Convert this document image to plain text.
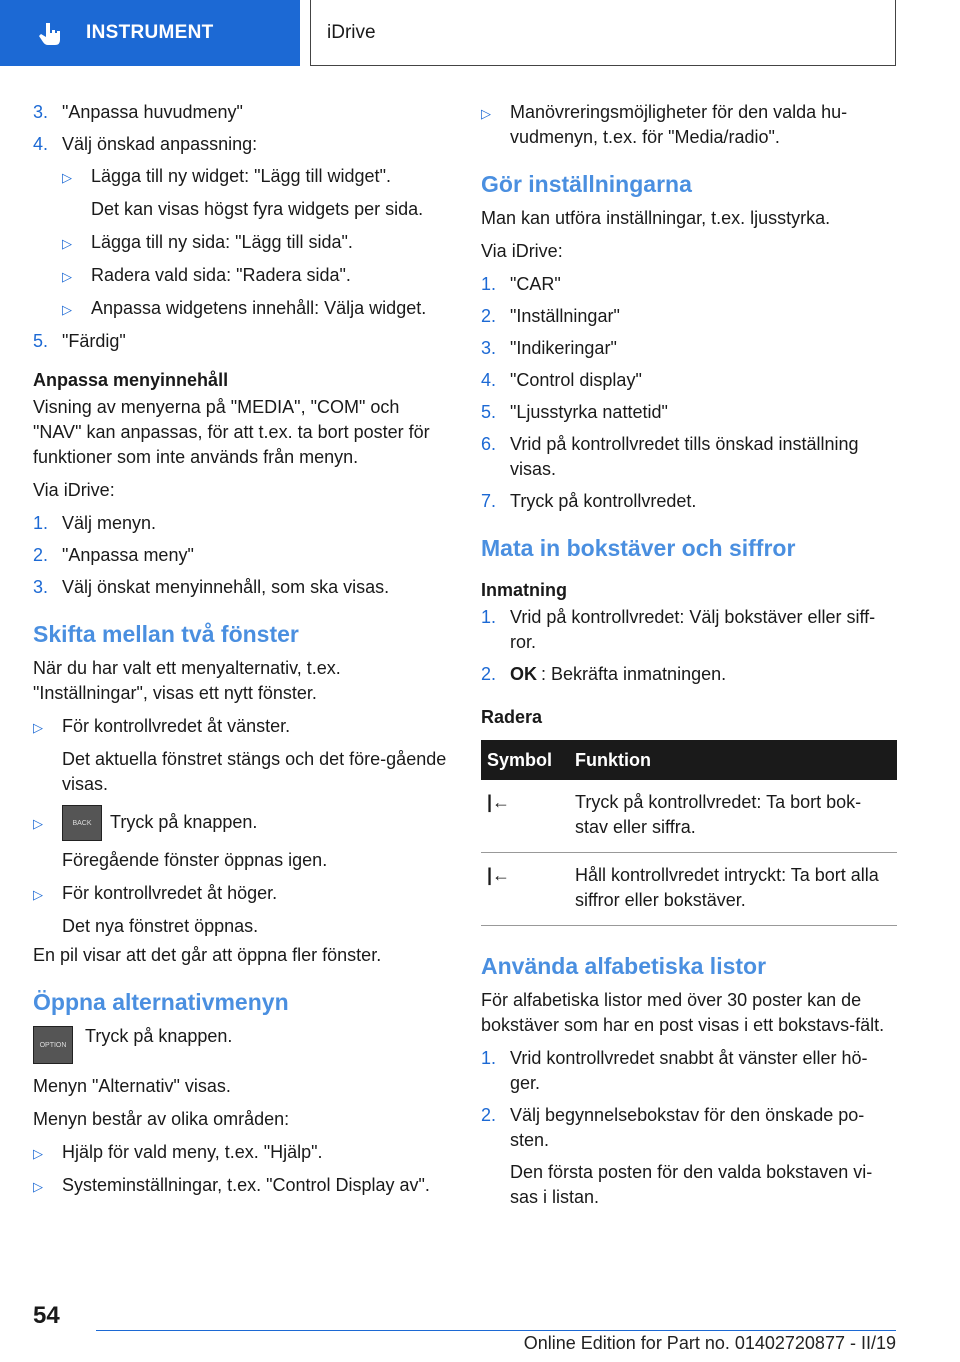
INSTRUMENT	iDrive
3. "Anpassa huvudmeny"
4. Välj önskad anpassning:
▷	Lägga till ny widget: "Lägg till widget".

Det kan visas högst fyra widgets per sida.

▷	Lägga till ny sida: "Lägg till sida".
▷	Radera vald sida: "Radera sida".
▷	Anpassa widgetens innehåll: Välja widget.
5. "Färdig"
Anpassa menyinnehåll

Visning av menyerna på "MEDIA", "COM" och "NAV" kan anpassas, för att t.ex. ta bort poster för funktioner som inte används från menyn.

Via iDrive:

1. Välj menyn.
2. "Anpassa meny"
3. Välj önskat menyinnehåll, som ska visas.
Skifta mellan två fönster

När du har valt ett menyalternativ, t.ex. "Inställningar", visas ett nytt fönster.

▷	För kontrollvredet åt vänster.

Det aktuella fönstret stängs och det före‐gående visas.

▷	BACK Tryck på knappen.

Föregående fönster öppnas igen.

▷	För kontrollvredet åt höger.

Det nya fönstret öppnas.

En pil visar att det går att öppna fler fönster.

Öppna alternativmenyn
OPTION	Tryck på knappen.

Menyn "Alternativ" visas.

Menyn består av olika områden:

▷	Hjälp för vald meny, t.ex. "Hjälp".
▷	Systeminställningar, t.ex. "Control Display av".
▷	Manövreringsmöjligheter för den valda hu‐vudmenyn, t.ex. för "Media/radio".
Gör inställningarna

Man kan utföra inställningar, t.ex. ljusstyrka.

Via iDrive:

1. "CAR"
2. "Inställningar"
3. "Indikeringar"
4. "Control display"
5. "Ljusstyrka nattetid"
6. Vrid på kontrollvredet tills önskad inställning visas.
7. Tryck på kontrollvredet.
Mata in bokstäver och siffror
Inmatning
1. Vrid på kontrollvredet: Välj bokstäver eller siff‐ror.
2. OK : Bekräfta inmatningen.
Radera
Symbol	Funktion
|←	Tryck på kontrollvredet: Ta bort bok‐stav eller siffra.
|←	Håll kontrollvredet intryckt: Ta bort alla siffror eller bokstäver.
Använda alfabetiska listor

För alfabetiska listor med över 30 poster kan de bokstäver som har en post visas i ett bokstavs‐fält.

1. Vrid kontrollvredet snabbt åt vänster eller hö‐ger.
2. Välj begynnelsebokstav för den önskade po‐sten.

Den första posten för den valda bokstaven vi‐sas i listan.

54
Online Edition for Part no. 01402720877 - II/19
